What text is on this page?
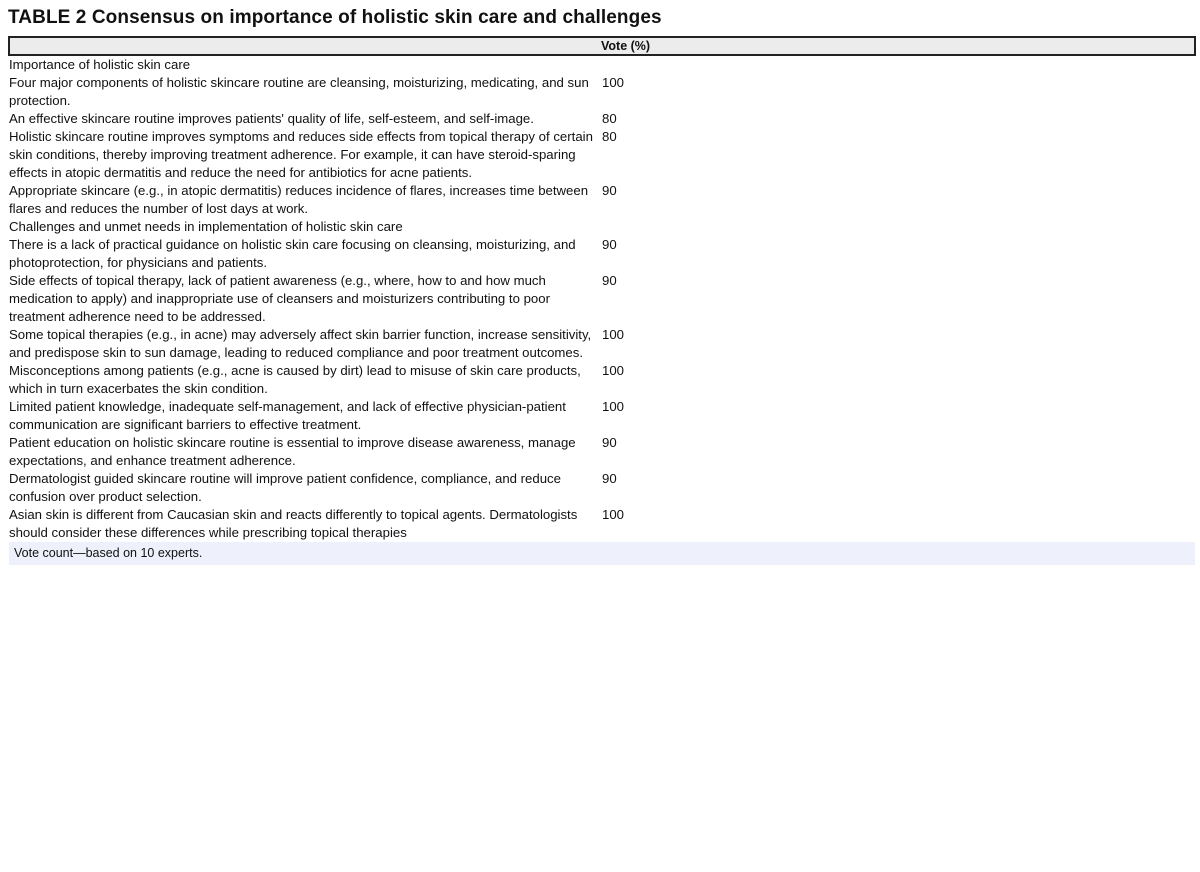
TABLE 2 Consensus on importance of holistic skin care and challenges
	Vote (%)
Importance of holistic skin care	
Four major components of holistic skincare routine are cleansing, moisturizing, medicating, and sun protection.	100
An effective skincare routine improves patients' quality of life, self-esteem, and self-image.	80
Holistic skincare routine improves symptoms and reduces side effects from topical therapy of certain skin conditions, thereby improving treatment adherence. For example, it can have steroid-sparing effects in atopic dermatitis and reduce the need for antibiotics for acne patients.	80
Appropriate skincare (e.g., in atopic dermatitis) reduces incidence of flares, increases time between flares and reduces the number of lost days at work.	90
Challenges and unmet needs in implementation of holistic skin care	
There is a lack of practical guidance on holistic skin care focusing on cleansing, moisturizing, and photoprotection, for physicians and patients.	90
Side effects of topical therapy, lack of patient awareness (e.g., where, how to and how much medication to apply) and inappropriate use of cleansers and moisturizers contributing to poor treatment adherence need to be addressed.	90
Some topical therapies (e.g., in acne) may adversely affect skin barrier function, increase sensitivity, and predispose skin to sun damage, leading to reduced compliance and poor treatment outcomes.	100
Misconceptions among patients (e.g., acne is caused by dirt) lead to misuse of skin care products, which in turn exacerbates the skin condition.	100
Limited patient knowledge, inadequate self-management, and lack of effective physician-patient communication are significant barriers to effective treatment.	100
Patient education on holistic skincare routine is essential to improve disease awareness, manage expectations, and enhance treatment adherence.	90
Dermatologist guided skincare routine will improve patient confidence, compliance, and reduce confusion over product selection.	90
Asian skin is different from Caucasian skin and reacts differently to topical agents. Dermatologists should consider these differences while prescribing topical therapies	100
Vote count—based on 10 experts.	
